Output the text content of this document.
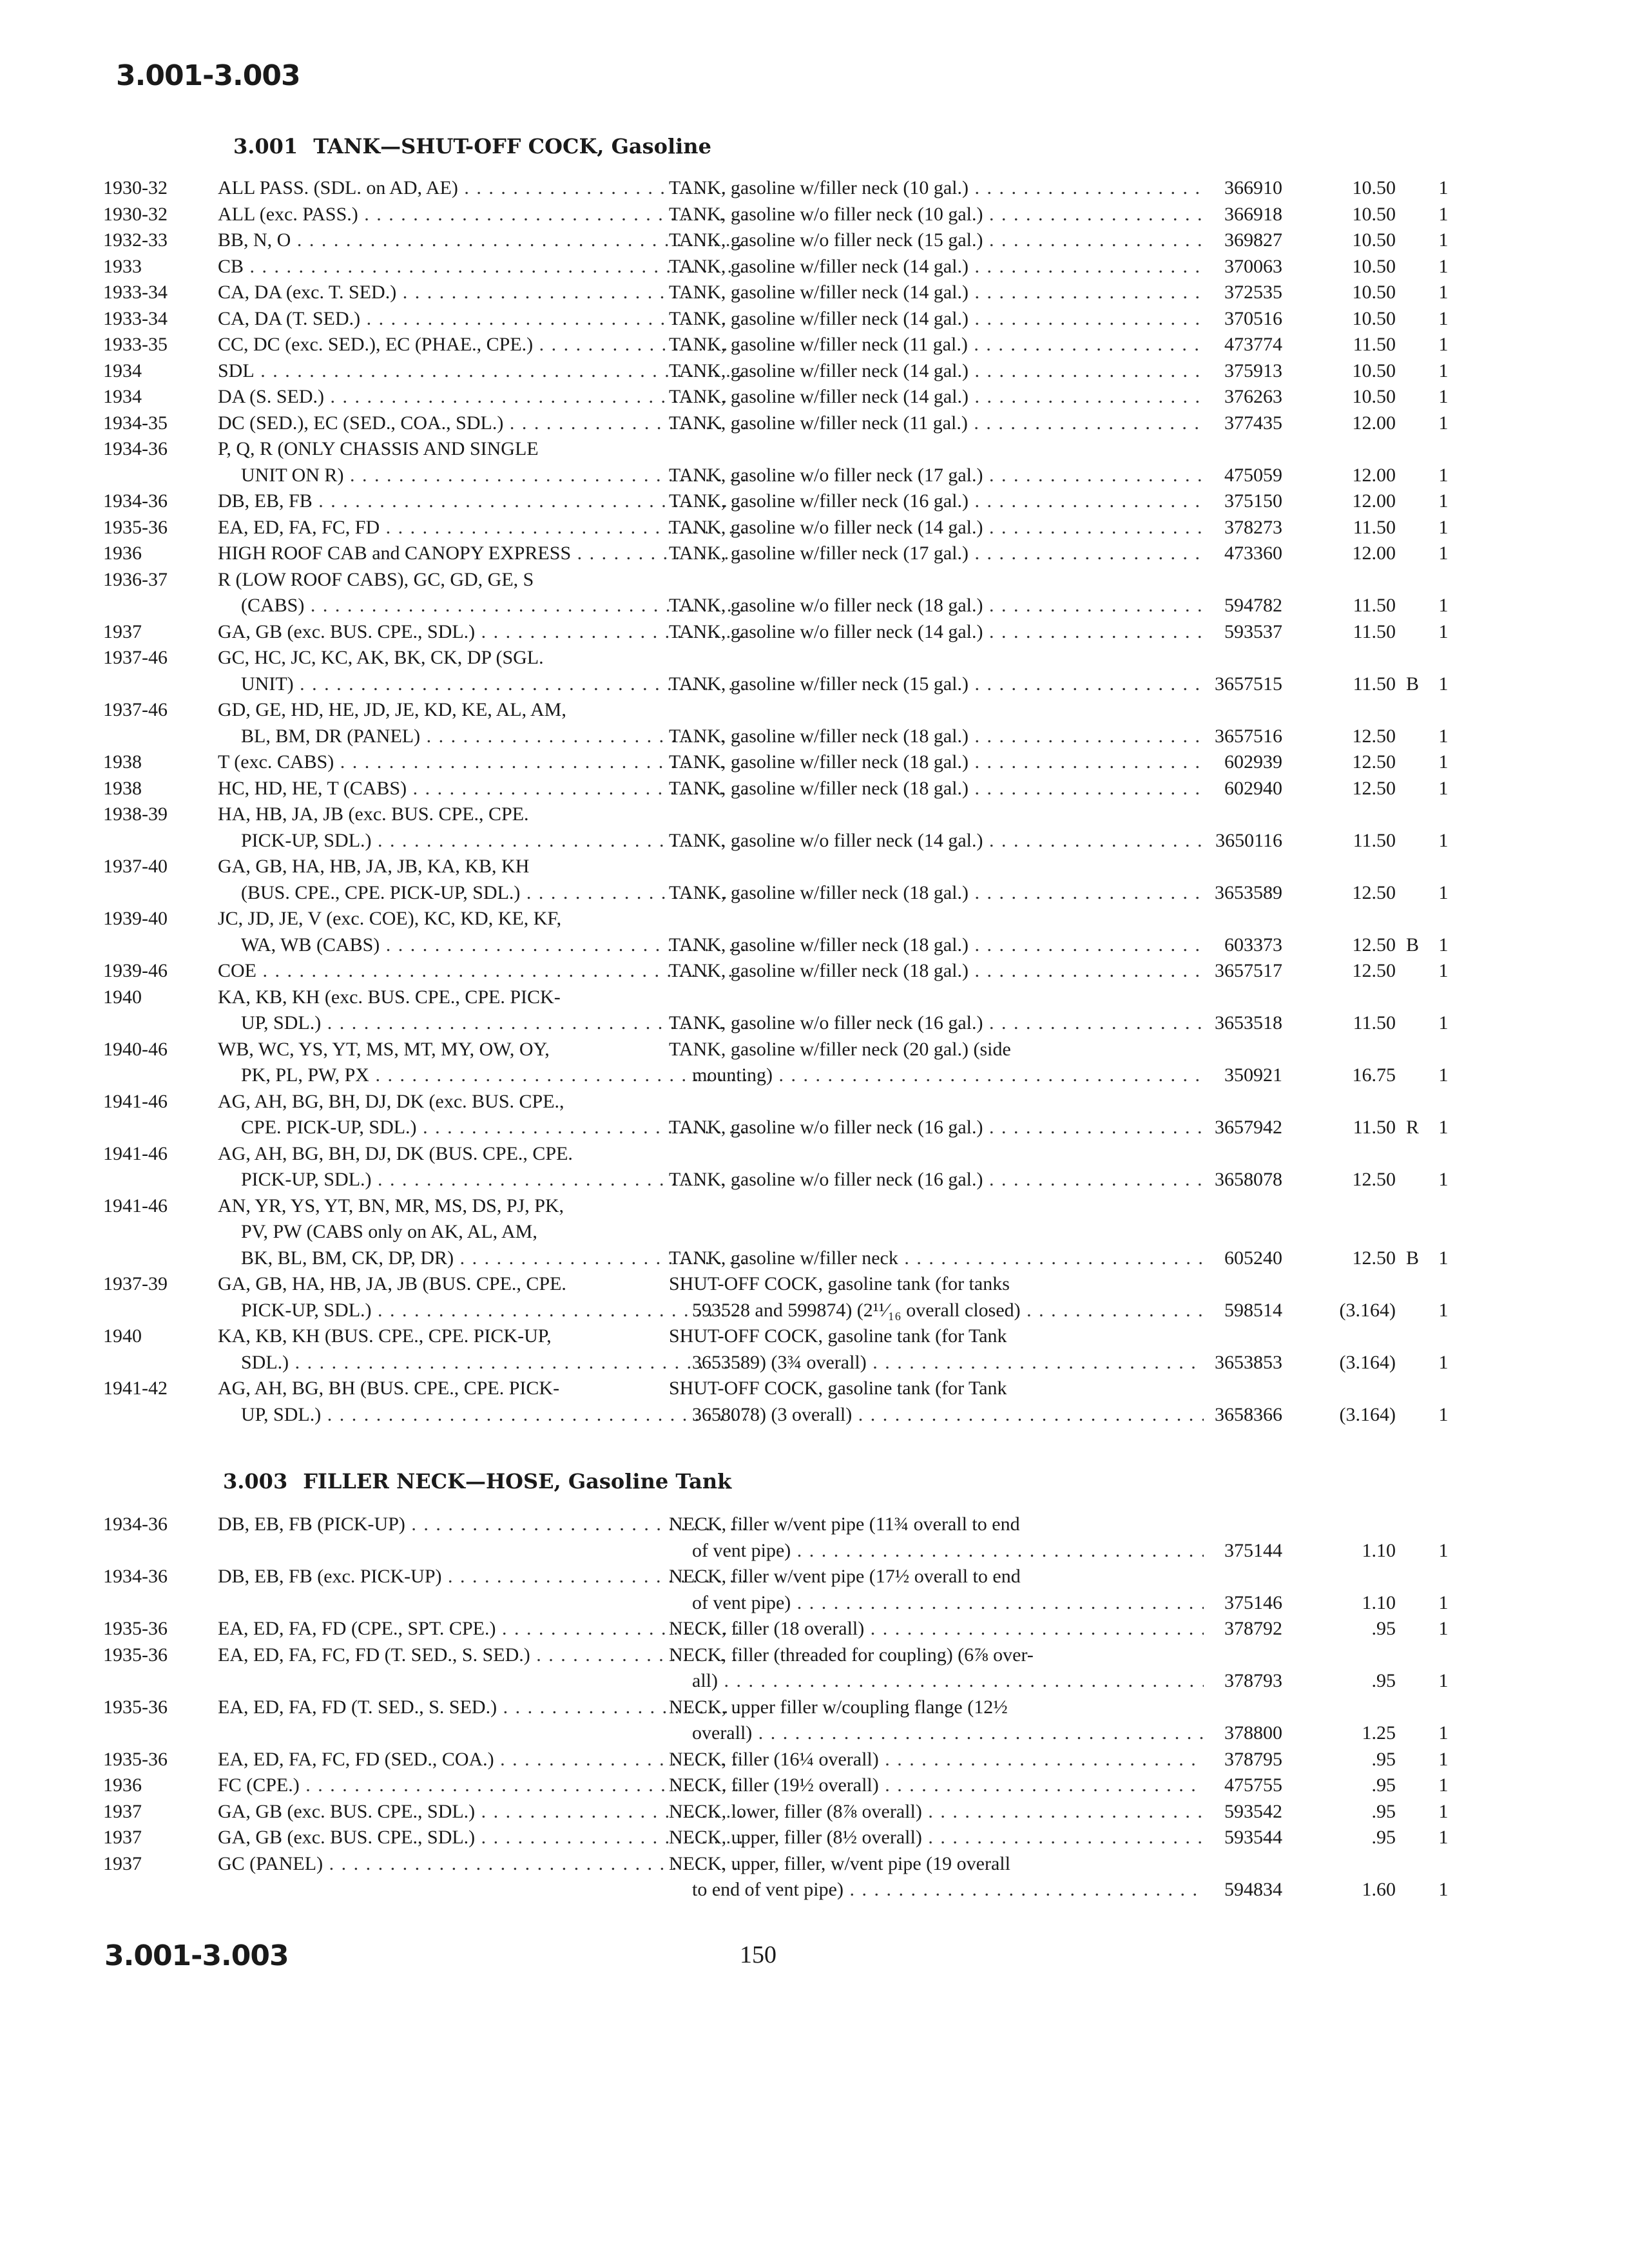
3.001-3.003
3.001 TANK—SHUT-OFF COCK, Gasoline
1930-32	ALL PASS. (SDL. on AD, AE) . . .	TANK, gasoline w/filler neck (10 gal.) . . .	366910	10.50	1
1930-32	ALL (exc. PASS.) . . .	TANK, gasoline w/o filler neck (10 gal.) . . .	366918	10.50	1
1932-33	BB, N, O . . .	TANK, gasoline w/o filler neck (15 gal.) . . .	369827	10.50	1
1933	CB . . .	TANK, gasoline w/filler neck (14 gal.) . . .	370063	10.50	1
1933-34	CA, DA (exc. T. SED.) . . .	TANK, gasoline w/filler neck (14 gal.) . . .	372535	10.50	1
1933-34	CA, DA (T. SED.) . . .	TANK, gasoline w/filler neck (14 gal.) . . .	370516	10.50	1
1933-35	CC, DC (exc. SED.), EC (PHAE., CPE.) . . .	TANK, gasoline w/filler neck (11 gal.) . . .	473774	11.50	1
1934	SDL . . .	TANK, gasoline w/filler neck (14 gal.) . . .	375913	10.50	1
1934	DA (S. SED.) . . .	TANK, gasoline w/filler neck (14 gal.) . . .	376263	10.50	1
1934-35	DC (SED.), EC (SED., COA., SDL.) . . .	TANK, gasoline w/filler neck (11 gal.) . . .	377435	12.00	1
1934-36	P, Q, R (ONLY CHASSIS AND SINGLE
UNIT ON R) . . .	TANK, gasoline w/o filler neck (17 gal.) . . .	475059	12.00	1
1934-36	DB, EB, FB . . .	TANK, gasoline w/filler neck (16 gal.) . . .	375150	12.00	1
1935-36	EA, ED, FA, FC, FD . . .	TANK, gasoline w/o filler neck (14 gal.) . . .	378273	11.50	1
1936	HIGH ROOF CAB and CANOPY EXPRESS . . .	TANK, gasoline w/filler neck (17 gal.) . . .	473360	12.00	1
1936-37	R (LOW ROOF CABS), GC, GD, GE, S
(CABS) . . .	TANK, gasoline w/o filler neck (18 gal.) . . .	594782	11.50	1
1937	GA, GB (exc. BUS. CPE., SDL.) . . .	TANK, gasoline w/o filler neck (14 gal.) . . .	593537	11.50	1
1937-46	GC, HC, JC, KC, AK, BK, CK, DP (SGL.
UNIT) . . .	TANK, gasoline w/filler neck (15 gal.) . . .	3657515	11.50 B	1
1937-46	GD, GE, HD, HE, JD, JE, KD, KE, AL, AM,
BL, BM, DR (PANEL) . . .	TANK, gasoline w/filler neck (18 gal.) . . .	3657516	12.50	1
1938	T (exc. CABS) . . .	TANK, gasoline w/filler neck (18 gal.) . . .	602939	12.50	1
1938	HC, HD, HE, T (CABS) . . .	TANK, gasoline w/filler neck (18 gal.) . . .	602940	12.50	1
1938-39	HA, HB, JA, JB (exc. BUS. CPE., CPE.
PICK-UP, SDL.) . . .	TANK, gasoline w/o filler neck (14 gal.) . . .	3650116	11.50	1
1937-40	GA, GB, HA, HB, JA, JB, KA, KB, KH
(BUS. CPE., CPE. PICK-UP, SDL.) . . .	TANK, gasoline w/filler neck (18 gal.) . . .	3653589	12.50	1
1939-40	JC, JD, JE, V (exc. COE), KC, KD, KE, KF,
WA, WB (CABS) . . .	TANK, gasoline w/filler neck (18 gal.) . . .	603373	12.50 B	1
1939-46	COE . . .	TANK, gasoline w/filler neck (18 gal.) . . .	3657517	12.50	1
1940	KA, KB, KH (exc. BUS. CPE., CPE. PICK-
UP, SDL.) . . .	TANK, gasoline w/o filler neck (16 gal.) . . .	3653518	11.50	1
1940-46	WB, WC, YS, YT, MS, MT, MY, OW, OY,
PK, PL, PW, PX . . .
TANK, gasoline w/filler neck (20 gal.) (side
mounting) . . .	350921	16.75	1
1941-46	AG, AH, BG, BH, DJ, DK (exc. BUS. CPE.,
CPE. PICK-UP, SDL.) . . .	TANK, gasoline w/o filler neck (16 gal.) . . .	3657942	11.50 R	1
1941-46	AG, AH, BG, BH, DJ, DK (BUS. CPE., CPE.
PICK-UP, SDL.) . . .	TANK, gasoline w/o filler neck (16 gal.) . . .	3658078	12.50	1
1941-46	AN, YR, YS, YT, BN, MR, MS, DS, PJ, PK,
PV, PW (CABS only on AK, AL, AM,
BK, BL, BM, CK, DP, DR) . . .	TANK, gasoline w/filler neck . . .	605240	12.50 B	1
1937-39	GA, GB, HA, HB, JA, JB (BUS. CPE., CPE.
PICK-UP, SDL.) . . .
SHUT-OFF COCK, gasoline tank (for tanks
593528 and 599874) (2¹¹⁄₁₆ overall closed) . . .	598514	(3.164)	1
1940	KA, KB, KH (BUS. CPE., CPE. PICK-UP,
SDL.) . . .
SHUT-OFF COCK, gasoline tank (for Tank
3653589) (3¾ overall) . . .	3653853	(3.164)	1
1941-42	AG, AH, BG, BH (BUS. CPE., CPE. PICK-
UP, SDL.) . . .
SHUT-OFF COCK, gasoline tank (for Tank
3658078) (3 overall) . . .	3658366	(3.164)	1
3.003 FILLER NECK—HOSE, Gasoline Tank
1934-36	DB, EB, FB (PICK-UP) . . .	NECK, filler w/vent pipe (11¾ overall to end
of vent pipe) . . .	375144	1.10	1
1934-36	DB, EB, FB (exc. PICK-UP) . . .	NECK, filler w/vent pipe (17½ overall to end
of vent pipe) . . .	375146	1.10	1
1935-36	EA, ED, FA, FD (CPE., SPT. CPE.) . . .	NECK, filler (18 overall) . . .	378792	.95	1
1935-36	EA, ED, FA, FC, FD (T. SED., S. SED.) . . .	NECK, filler (threaded for coupling) (6⅞ over-
all) . . .	378793	.95	1
1935-36	EA, ED, FA, FD (T. SED., S. SED.) . . .	NECK, upper filler w/coupling flange (12½
overall) . . .	378800	1.25	1
1935-36	EA, ED, FA, FC, FD (SED., COA.) . . .	NECK, filler (16¼ overall) . . .	378795	.95	1
1936	FC (CPE.) . . .	NECK, filler (19½ overall) . . .	475755	.95	1
1937	GA, GB (exc. BUS. CPE., SDL.) . . .	NECK, lower, filler (8⅞ overall) . . .	593542	.95	1
1937	GA, GB (exc. BUS. CPE., SDL.) . . .	NECK, upper, filler (8½ overall) . . .	593544	.95	1
1937	GC (PANEL) . . .	NECK, upper, filler, w/vent pipe (19 overall
to end of vent pipe) . . .	594834	1.60	1
3.001-3.003	150
